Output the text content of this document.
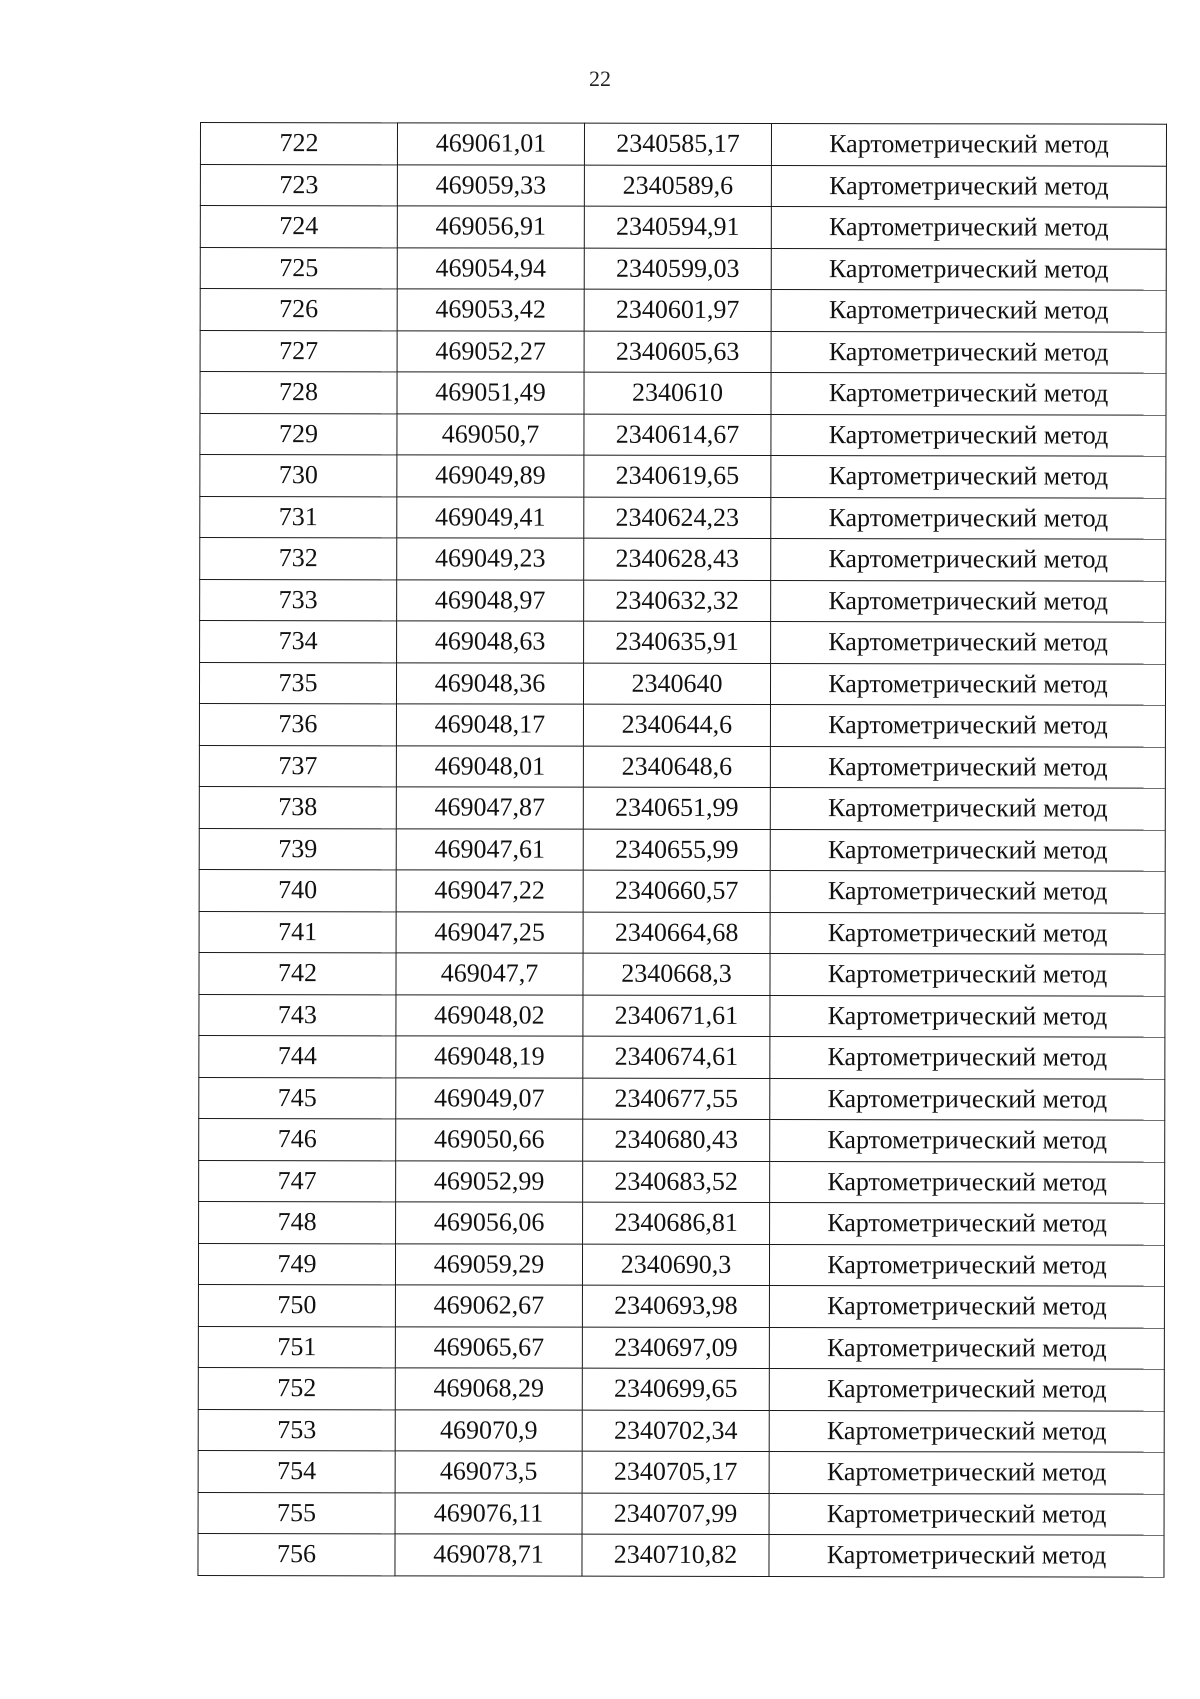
22
722	469061,01	2340585,17	Картометрический метод
723	469059,33	2340589,6	Картометрический метод
724	469056,91	2340594,91	Картометрический метод
725	469054,94	2340599,03	Картометрический метод
726	469053,42	2340601,97	Картометрический метод
727	469052,27	2340605,63	Картометрический метод
728	469051,49	2340610	Картометрический метод
729	469050,7	2340614,67	Картометрический метод
730	469049,89	2340619,65	Картометрический метод
731	469049,41	2340624,23	Картометрический метод
732	469049,23	2340628,43	Картометрический метод
733	469048,97	2340632,32	Картометрический метод
734	469048,63	2340635,91	Картометрический метод
735	469048,36	2340640	Картометрический метод
736	469048,17	2340644,6	Картометрический метод
737	469048,01	2340648,6	Картометрический метод
738	469047,87	2340651,99	Картометрический метод
739	469047,61	2340655,99	Картометрический метод
740	469047,22	2340660,57	Картометрический метод
741	469047,25	2340664,68	Картометрический метод
742	469047,7	2340668,3	Картометрический метод
743	469048,02	2340671,61	Картометрический метод
744	469048,19	2340674,61	Картометрический метод
745	469049,07	2340677,55	Картометрический метод
746	469050,66	2340680,43	Картометрический метод
747	469052,99	2340683,52	Картометрический метод
748	469056,06	2340686,81	Картометрический метод
749	469059,29	2340690,3	Картометрический метод
750	469062,67	2340693,98	Картометрический метод
751	469065,67	2340697,09	Картометрический метод
752	469068,29	2340699,65	Картометрический метод
753	469070,9	2340702,34	Картометрический метод
754	469073,5	2340705,17	Картометрический метод
755	469076,11	2340707,99	Картометрический метод
756	469078,71	2340710,82	Картометрический метод
